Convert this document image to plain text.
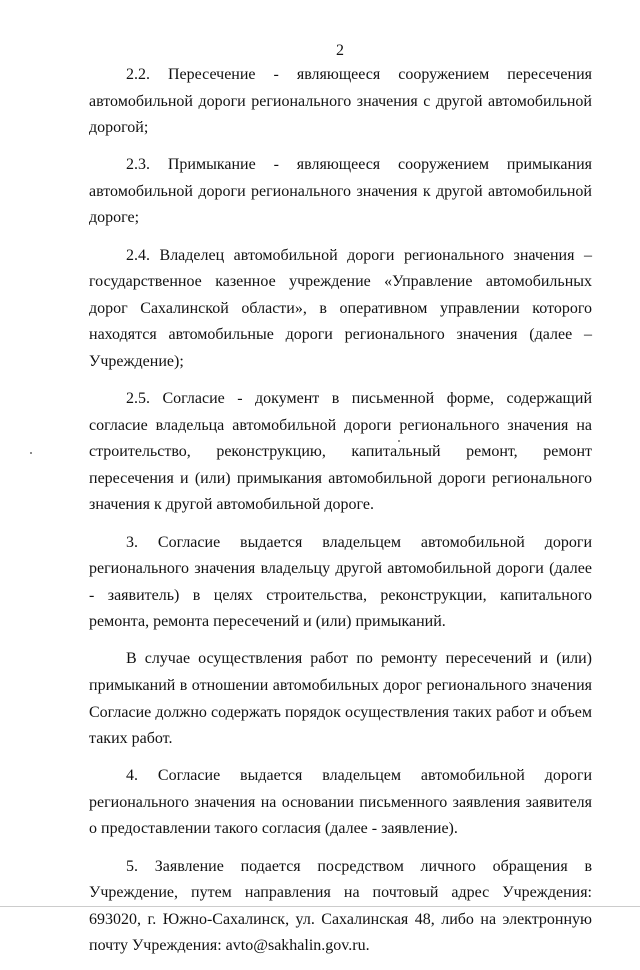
2

2.2. Пересечение - являющееся сооружением пересечения автомобильной дороги регионального значения с другой автомобильной дорогой;

2.3. Примыкание - являющееся сооружением примыкания автомобильной дороги регионального значения к другой автомобильной дороге;

2.4. Владелец автомобильной дороги регионального значения – государственное казенное учреждение «Управление автомобильных дорог Сахалинской области», в оперативном управлении которого находятся автомобильные дороги регионального значения (далее – Учреждение);

2.5. Согласие - документ в письменной форме, содержащий согласие владельца автомобильной дороги регионального значения на строительство, реконструкцию, капитальный ремонт, ремонт пересечения и (или) примыкания автомобильной дороги регионального значения к другой автомобильной дороге.

3. Согласие выдается владельцем автомобильной дороги регионального значения владельцу другой автомобильной дороги (далее - заявитель) в целях строительства, реконструкции, капитального ремонта, ремонта пересечений и (или) примыканий.

В случае осуществления работ по ремонту пересечений и (или) примыканий в отношении автомобильных дорог регионального значения Согласие должно содержать порядок осуществления таких работ и объем таких работ.

4. Согласие выдается владельцем автомобильной дороги регионального значения на основании письменного заявления заявителя о предоставлении такого согласия (далее - заявление).

5. Заявление подается посредством личного обращения в Учреждение, путем направления на почтовый адрес Учреждения: 693020, г. Южно-Сахалинск, ул. Сахалинская 48, либо на электронную почту Учреждения: avto@sakhalin.gov.ru.
